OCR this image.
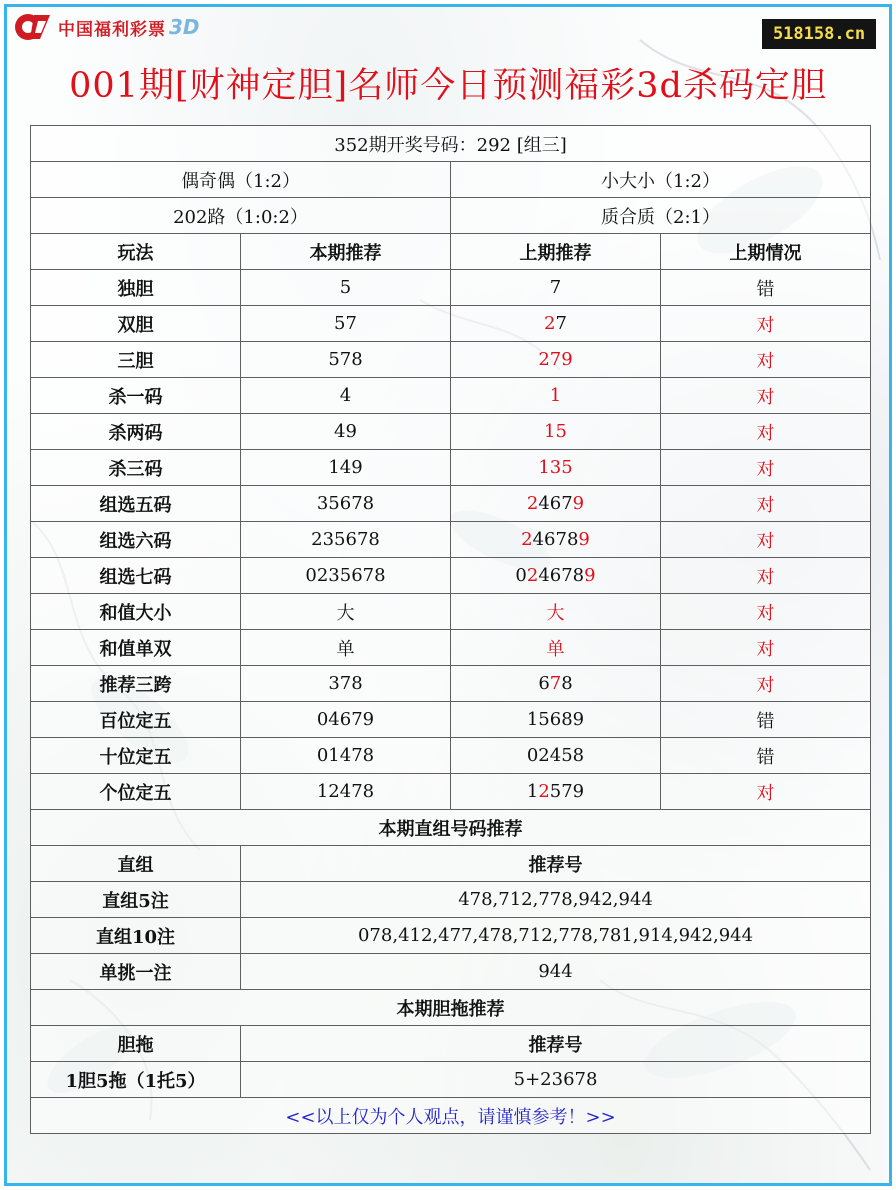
中国福利彩票 3D	518158.cn
001期[财神定胆]名师今日预测福彩3d杀码定胆
352期开奖号码：292 [组三]			
偶奇偶（1:2）		小大小（1:2）	
202路（1:0:2）		质合质（2:1）	
玩法	本期推荐	上期推荐	上期情况
独胆	5	7	错
双胆	57	27	对
三胆	578	279	对
杀一码	4	1	对
杀两码	49	15	对
杀三码	149	135	对
组选五码	35678	24679	对
组选六码	235678	246789	对
组选七码	0235678	0246789	对
和值大小	大	大	对
和值单双	单	单	对
推荐三跨	378	678	对
百位定五	04679	15689	错
十位定五	01478	02458	错
个位定五	12478	12579	对
本期直组号码推荐			
直组	推荐号		
直组5注	478,712,778,942,944		
直组10注	078,412,477,478,712,778,781,914,942,944		
单挑一注	944		
本期胆拖推荐			
胆拖	推荐号		
1胆5拖（1托5）	5+23678		
<<以上仅为个人观点，请谨慎参考！>>			
